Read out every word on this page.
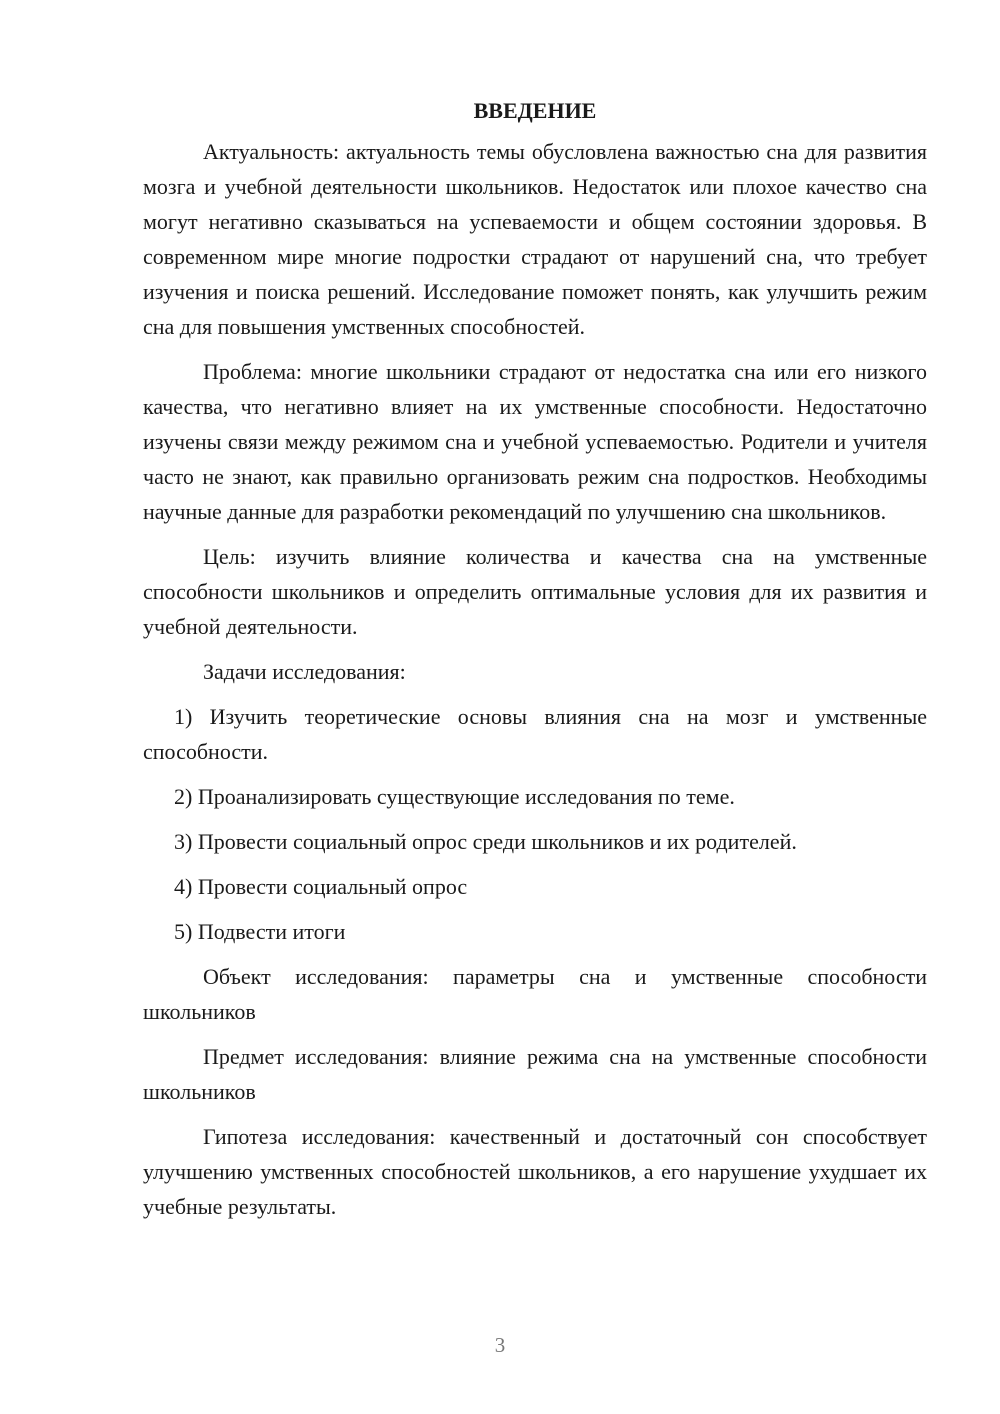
ВВЕДЕНИЕ

Актуальность: актуальность темы обусловлена важностью сна для развития мозга и учебной деятельности школьников. Недостаток или плохое качество сна могут негативно сказываться на успеваемости и общем состоянии здоровья. В современном мире многие подростки страдают от нарушений сна, что требует изучения и поиска решений. Исследование поможет понять, как улучшить режим сна для повышения умственных способностей.

Проблема: многие школьники страдают от недостатка сна или его низкого качества, что негативно влияет на их умственные способности. Недостаточно изучены связи между режимом сна и учебной успеваемостью. Родители и учителя часто не знают, как правильно организовать режим сна подростков. Необходимы научные данные для разработки рекомендаций по улучшению сна школьников.

Цель: изучить влияние количества и качества сна на умственные способности школьников и определить оптимальные условия для их развития и учебной деятельности.

Задачи исследования:

1) Изучить теоретические основы влияния сна на мозг и умственные способности.

2) Проанализировать существующие исследования по теме.

3) Провести социальный опрос среди школьников и их родителей.

4) Провести социальный опрос

5) Подвести итоги

Объект исследования: параметры сна и умственные способности школьников

Предмет исследования: влияние режима сна на умственные способности школьников

Гипотеза исследования: качественный и достаточный сон способствует улучшению умственных способностей школьников, а его нарушение ухудшает их учебные результаты.

3
